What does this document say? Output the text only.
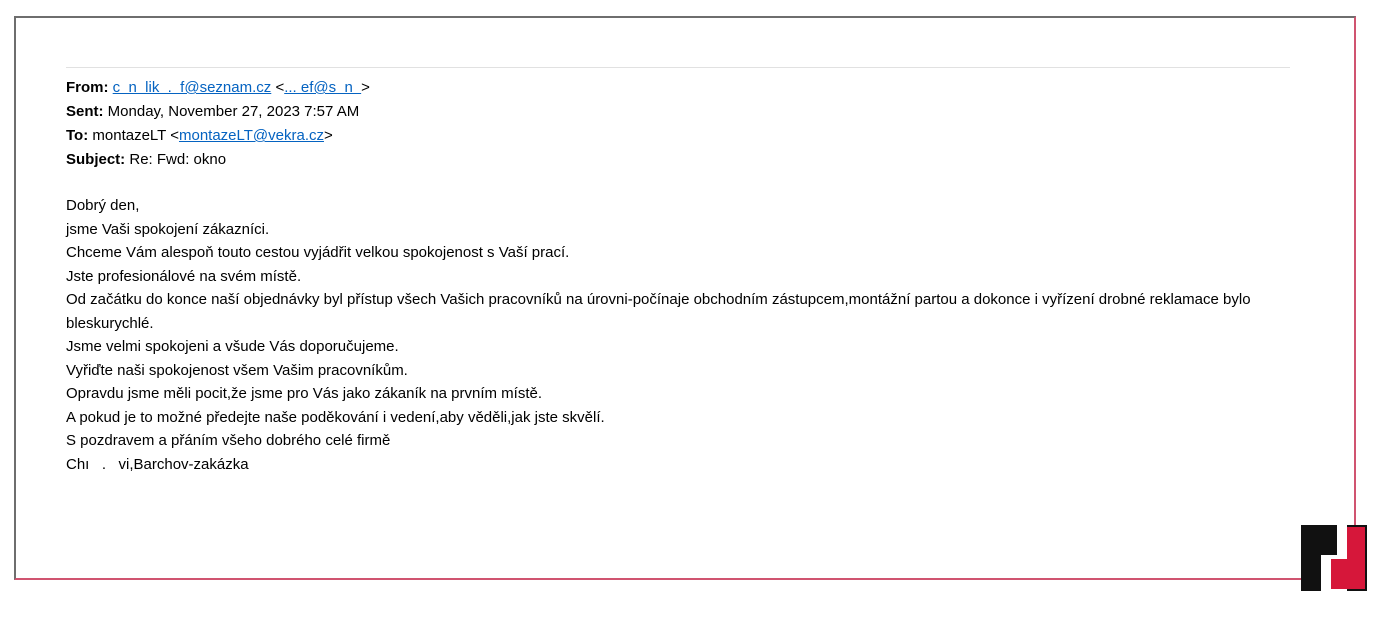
From: c  n  lik  .  f@seznam.cz <... ef@s  n  >
Sent: Monday, November 27, 2023 7:57 AM
To: montazeLT <montazeLT@vekra.cz>
Subject: Re: Fwd: okno

Dobrý den,

jsme Vaši spokojení zákazníci.

Chceme Vám alespoň touto cestou vyjádřit velkou spokojenost s Vaší prací.

Jste profesionálové na svém místě.

Od začátku do konce naší objednávky byl přístup všech Vašich pracovníků na úrovni-počínaje obchodním zástupcem,montážní partou a dokonce i vyřízení drobné reklamace bylo bleskurychlé.

Jsme velmi spokojeni a všude Vás doporučujeme.

Vyřiďte naši spokojenost všem Vašim pracovníkům.

Opravdu jsme měli pocit,že jsme pro Vás jako zákaník na prvním místě.

A pokud je to možné předejte naše poděkování i vedení,aby věděli,jak jste skvělí.

S pozdravem a přáním všeho dobrého celé firmě

Chı   .   vi,Barchov-zakázka
